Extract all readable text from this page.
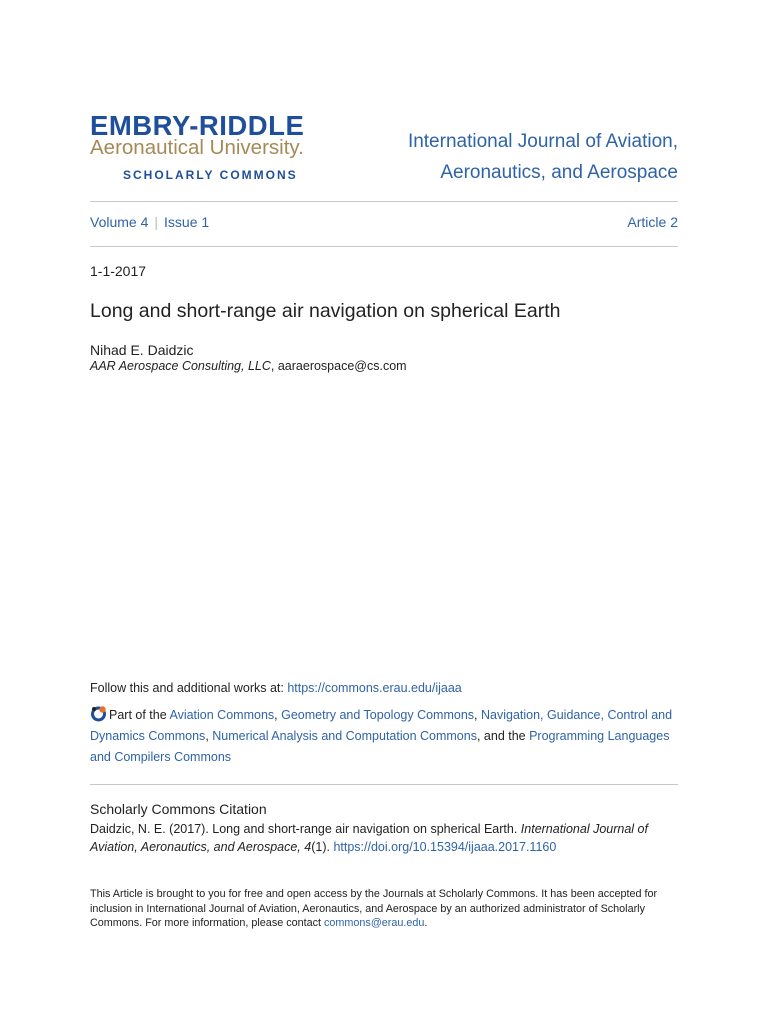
EMBRY-RIDDLE
Aeronautical University.
SCHOLARLY COMMONS
International Journal of Aviation,
Aeronautics, and Aerospace
Volume 4 | Issue 1	Article 2
1-1-2017
Long and short-range air navigation on spherical Earth
Nihad E. Daidzic
AAR Aerospace Consulting, LLC, aaraerospace@cs.com
Follow this and additional works at: https://commons.erau.edu/ijaaa
Part of the Aviation Commons, Geometry and Topology Commons, Navigation, Guidance, Control and Dynamics Commons, Numerical Analysis and Computation Commons, and the Programming Languages and Compilers Commons
Scholarly Commons Citation
Daidzic, N. E. (2017). Long and short-range air navigation on spherical Earth. International Journal of Aviation, Aeronautics, and Aerospace, 4(1). https://doi.org/10.15394/ijaaa.2017.1160
This Article is brought to you for free and open access by the Journals at Scholarly Commons. It has been accepted for inclusion in International Journal of Aviation, Aeronautics, and Aerospace by an authorized administrator of Scholarly Commons. For more information, please contact commons@erau.edu.
